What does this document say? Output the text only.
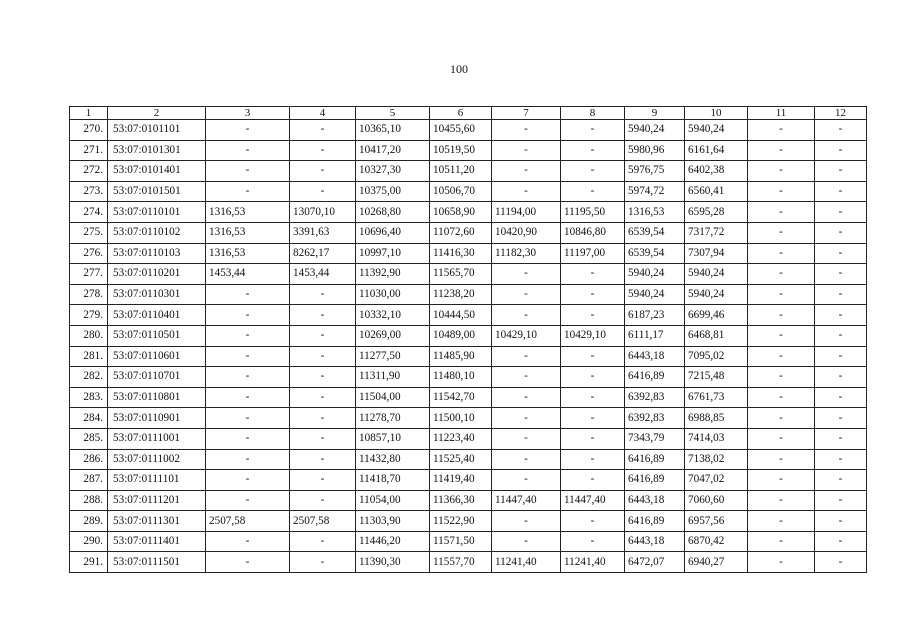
100
1	2	3	4	5	6	7	8	9	10	11	12
270.	53:07:0101101	-	-	10365,10	10455,60	-	-	5940,24	5940,24	-	-
271.	53:07:0101301	-	-	10417,20	10519,50	-	-	5980,96	6161,64	-	-
272.	53:07:0101401	-	-	10327,30	10511,20	-	-	5976,75	6402,38	-	-
273.	53:07:0101501	-	-	10375,00	10506,70	-	-	5974,72	6560,41	-	-
274.	53:07:0110101	1316,53	13070,10	10268,80	10658,90	11194,00	11195,50	1316,53	6595,28	-	-
275.	53:07:0110102	1316,53	3391,63	10696,40	11072,60	10420,90	10846,80	6539,54	7317,72	-	-
276.	53:07:0110103	1316,53	8262,17	10997,10	11416,30	11182,30	11197,00	6539,54	7307,94	-	-
277.	53:07:0110201	1453,44	1453,44	11392,90	11565,70	-	-	5940,24	5940,24	-	-
278.	53:07:0110301	-	-	11030,00	11238,20	-	-	5940,24	5940,24	-	-
279.	53:07:0110401	-	-	10332,10	10444,50	-	-	6187,23	6699,46	-	-
280.	53:07:0110501	-	-	10269,00	10489,00	10429,10	10429,10	6111,17	6468,81	-	-
281.	53:07:0110601	-	-	11277,50	11485,90	-	-	6443,18	7095,02	-	-
282.	53:07:0110701	-	-	11311,90	11480,10	-	-	6416,89	7215,48	-	-
283.	53:07:0110801	-	-	11504,00	11542,70	-	-	6392,83	6761,73	-	-
284.	53:07:0110901	-	-	11278,70	11500,10	-	-	6392,83	6988,85	-	-
285.	53:07:0111001	-	-	10857,10	11223,40	-	-	7343,79	7414,03	-	-
286.	53:07:0111002	-	-	11432,80	11525,40	-	-	6416,89	7138,02	-	-
287.	53:07:0111101	-	-	11418,70	11419,40	-	-	6416,89	7047,02	-	-
288.	53:07:0111201	-	-	11054,00	11366,30	11447,40	11447,40	6443,18	7060,60	-	-
289.	53:07:0111301	2507,58	2507,58	11303,90	11522,90	-	-	6416,89	6957,56	-	-
290.	53:07:0111401	-	-	11446,20	11571,50	-	-	6443,18	6870,42	-	-
291.	53:07:0111501	-	-	11390,30	11557,70	11241,40	11241,40	6472,07	6940,27	-	-
